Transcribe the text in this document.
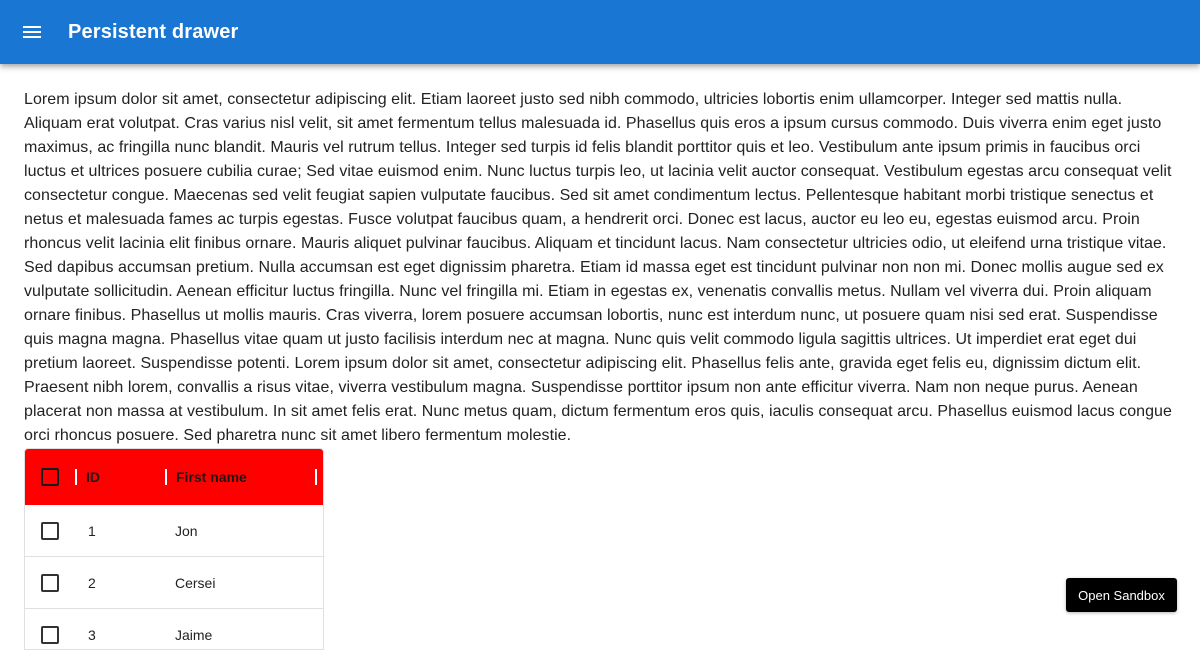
Persistent drawer

Lorem ipsum dolor sit amet, consectetur adipiscing elit. Etiam laoreet justo sed nibh commodo, ultricies lobortis enim ullamcorper. Integer sed mattis nulla. Aliquam erat volutpat. Cras varius nisl velit, sit amet fermentum tellus malesuada id. Phasellus quis eros a ipsum cursus commodo. Duis viverra enim eget justo maximus, ac fringilla nunc blandit. Mauris vel rutrum tellus. Integer sed turpis id felis blandit porttitor quis et leo. Vestibulum ante ipsum primis in faucibus orci luctus et ultrices posuere cubilia curae; Sed vitae euismod enim. Nunc luctus turpis leo, ut lacinia velit auctor consequat. Vestibulum egestas arcu consequat velit consectetur congue. Maecenas sed velit feugiat sapien vulputate faucibus. Sed sit amet condimentum lectus. Pellentesque habitant morbi tristique senectus et netus et malesuada fames ac turpis egestas. Fusce volutpat faucibus quam, a hendrerit orci. Donec est lacus, auctor eu leo eu, egestas euismod arcu. Proin rhoncus velit lacinia elit finibus ornare. Mauris aliquet pulvinar faucibus. Aliquam et tincidunt lacus. Nam consectetur ultricies odio, ut eleifend urna tristique vitae. Sed dapibus accumsan pretium. Nulla accumsan est eget dignissim pharetra. Etiam id massa eget est tincidunt pulvinar non non mi. Donec mollis augue sed ex vulputate sollicitudin. Aenean efficitur luctus fringilla. Nunc vel fringilla mi. Etiam in egestas ex, venenatis convallis metus. Nullam vel viverra dui. Proin aliquam ornare finibus. Phasellus ut mollis mauris. Cras viverra, lorem posuere accumsan lobortis, nunc est interdum nunc, ut posuere quam nisi sed erat. Suspendisse quis magna magna. Phasellus vitae quam ut justo facilisis interdum nec at magna. Nunc quis velit commodo ligula sagittis ultrices. Ut imperdiet erat eget dui pretium laoreet. Suspendisse potenti. Lorem ipsum dolor sit amet, consectetur adipiscing elit. Phasellus felis ante, gravida eget felis eu, dignissim dictum elit. Praesent nibh lorem, convallis a risus vitae, viverra vestibulum magna. Suspendisse porttitor ipsum non ante efficitur viverra. Nam non neque purus. Aenean placerat non massa at vestibulum. In sit amet felis erat. Nunc metus quam, dictum fermentum eros quis, iaculis consequat arcu. Phasellus euismod lacus congue orci rhoncus posuere. Sed pharetra nunc sit amet libero fermentum molestie.

ID	First name
1	Jon
2	Cersei
3	Jaime
Open Sandbox
